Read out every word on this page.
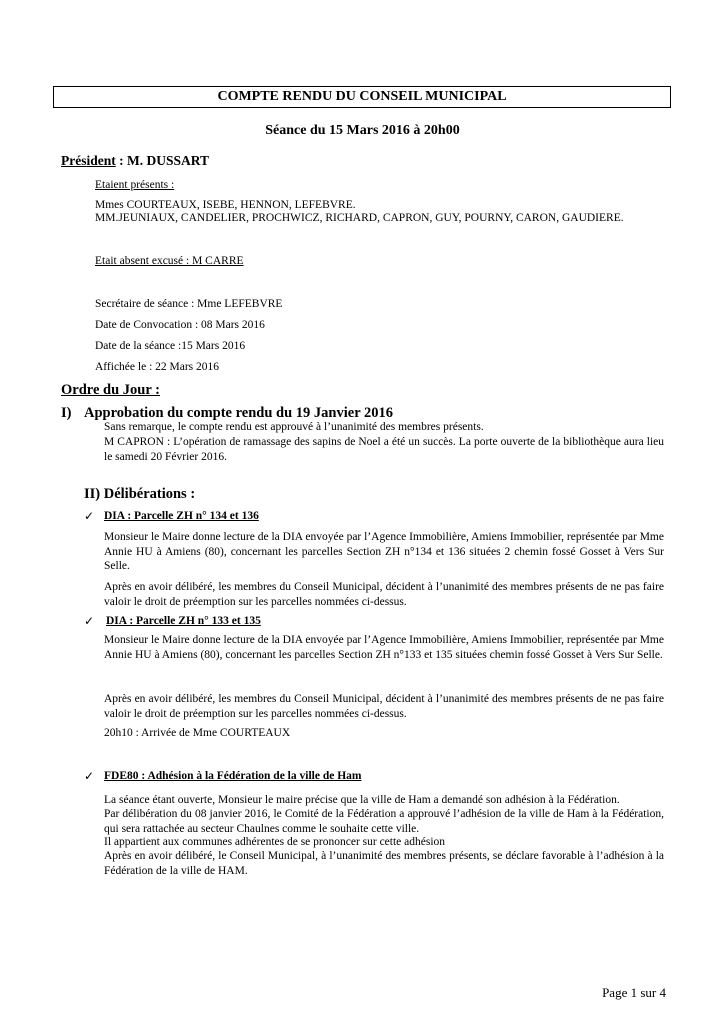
COMPTE RENDU DU CONSEIL MUNICIPAL
Séance du 15 Mars 2016 à 20h00
Président : M. DUSSART
Etaient présents :
Mmes COURTEAUX, ISEBE, HENNON, LEFEBVRE.
MM.JEUNIAUX, CANDELIER, PROCHWICZ, RICHARD, CAPRON, GUY, POURNY, CARON, GAUDIERE.
Etait absent excusé : M CARRE
Secrétaire de séance : Mme LEFEBVRE
Date de Convocation : 08 Mars 2016
Date de la séance :15 Mars 2016
Affichée le : 22 Mars 2016
Ordre du Jour :
I) Approbation du compte rendu du 19 Janvier 2016
Sans remarque, le compte rendu est approuvé à l’unanimité des membres présents.
M CAPRON : L’opération de ramassage des sapins de Noel a été un succès. La porte ouverte de la bibliothèque aura lieu le samedi 20 Février 2016.
II) Délibérations :
✓ DIA : Parcelle ZH n° 134 et 136
Monsieur le Maire donne lecture de la DIA envoyée par l’Agence Immobilière, Amiens Immobilier, représentée par Mme Annie HU à Amiens (80), concernant les parcelles Section ZH n°134 et 136 situées 2 chemin fossé Gosset à Vers Sur Selle.
Après en avoir délibéré, les membres du Conseil Municipal, décident à l’unanimité des membres présents de ne pas faire valoir le droit de préemption sur les parcelles nommées ci-dessus.
✓ DIA : Parcelle ZH n° 133 et 135
Monsieur le Maire donne lecture de la DIA envoyée par l’Agence Immobilière, Amiens Immobilier, représentée par Mme Annie HU à Amiens (80), concernant les parcelles Section ZH n°133 et 135 situées chemin fossé Gosset à Vers Sur Selle.
Après en avoir délibéré, les membres du Conseil Municipal, décident à l’unanimité des membres présents de ne pas faire valoir le droit de préemption sur les parcelles nommées ci-dessus.
20h10 : Arrivée de Mme COURTEAUX
✓ FDE80 : Adhésion à la Fédération de la ville de Ham
La séance étant ouverte, Monsieur le maire précise que la ville de Ham a demandé son adhésion à la Fédération.
Par délibération du 08 janvier 2016, le Comité de la Fédération a approuvé l’adhésion de la ville de Ham à la Fédération, qui sera rattachée au secteur Chaulnes comme le souhaite cette ville.
Il appartient aux communes adhérentes de se prononcer sur cette adhésion
Après en avoir délibéré, le Conseil Municipal, à l’unanimité des membres présents, se déclare favorable à l’adhésion à la Fédération de la ville de HAM.
Page 1 sur 4
